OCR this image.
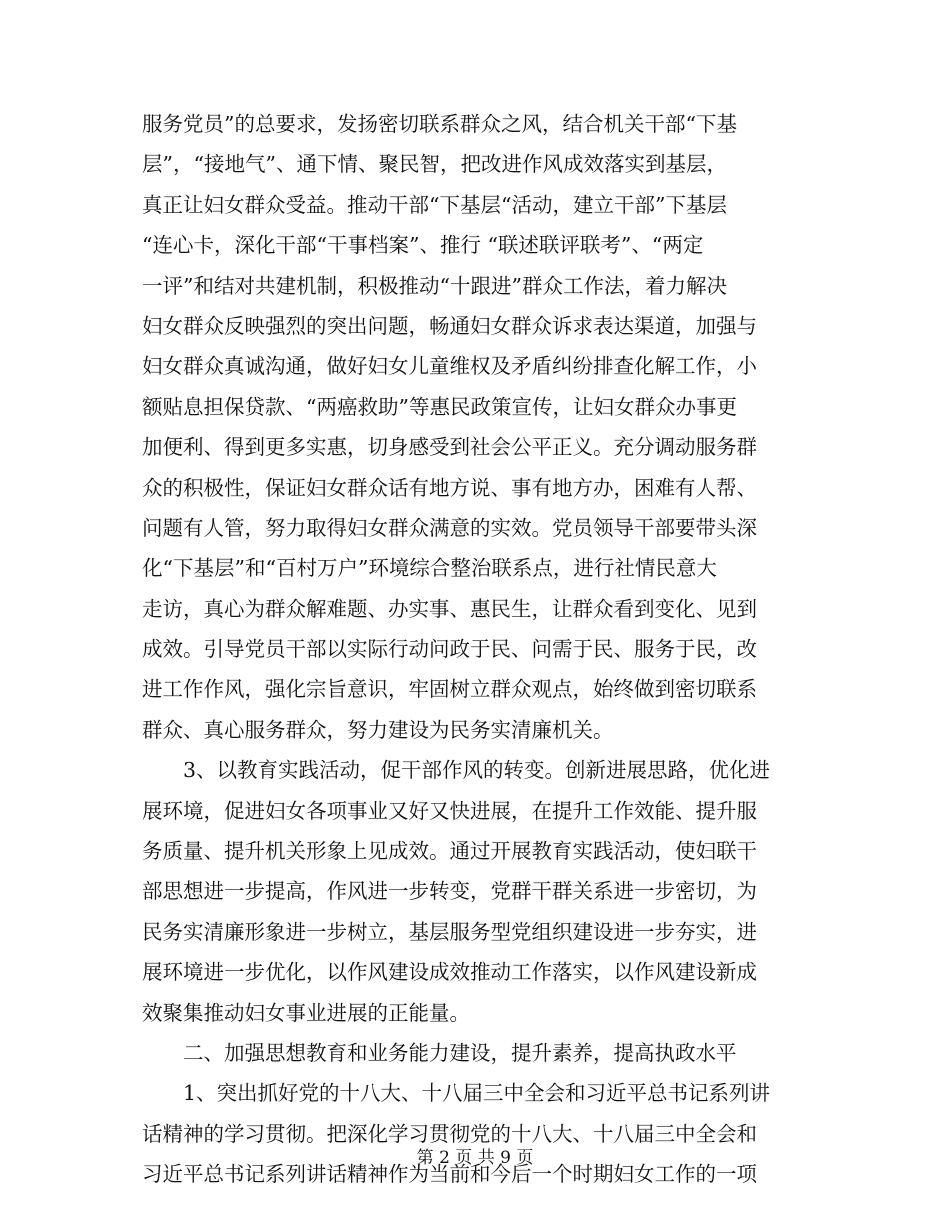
服务党员”的总要求，发扬密切联系群众之风，结合机关干部“下基
层”，“接地气”、通下情、聚民智，把改进作风成效落实到基层，
真正让妇女群众受益。推动干部“下基层“活动，建立干部”下基层
“连心卡，深化干部“干事档案”、推行 “联述联评联考”、“两定
一评”和结对共建机制，积极推动“十跟进”群众工作法，着力解决
妇女群众反映强烈的突出问题，畅通妇女群众诉求表达渠道，加强与
妇女群众真诚沟通，做好妇女儿童维权及矛盾纠纷排查化解工作，小
额贴息担保贷款、“两癌救助”等惠民政策宣传，让妇女群众办事更
加便利、得到更多实惠，切身感受到社会公平正义。充分调动服务群
众的积极性，保证妇女群众话有地方说、事有地方办，困难有人帮、
问题有人管，努力取得妇女群众满意的实效。党员领导干部要带头深
化“下基层”和“百村万户”环境综合整治联系点，进行社情民意大
走访，真心为群众解难题、办实事、惠民生，让群众看到变化、见到
成效。引导党员干部以实际行动问政于民、问需于民、服务于民，改
进工作作风，强化宗旨意识，牢固树立群众观点，始终做到密切联系
群众、真心服务群众，努力建设为民务实清廉机关。
　　3、以教育实践活动，促干部作风的转变。创新进展思路，优化进
展环境，促进妇女各项事业又好又快进展，在提升工作效能、提升服
务质量、提升机关形象上见成效。通过开展教育实践活动，使妇联干
部思想进一步提高，作风进一步转变，党群干群关系进一步密切，为
民务实清廉形象进一步树立，基层服务型党组织建设进一步夯实，进
展环境进一步优化，以作风建设成效推动工作落实，以作风建设新成
效聚集推动妇女事业进展的正能量。
　　二、加强思想教育和业务能力建设，提升素养，提高执政水平
　　1、突出抓好党的十八大、十八届三中全会和习近平总书记系列讲
话精神的学习贯彻。把深化学习贯彻党的十八大、十八届三中全会和
习近平总书记系列讲话精神作为当前和今后一个时期妇女工作的一项
第 2 页 共 9 页
